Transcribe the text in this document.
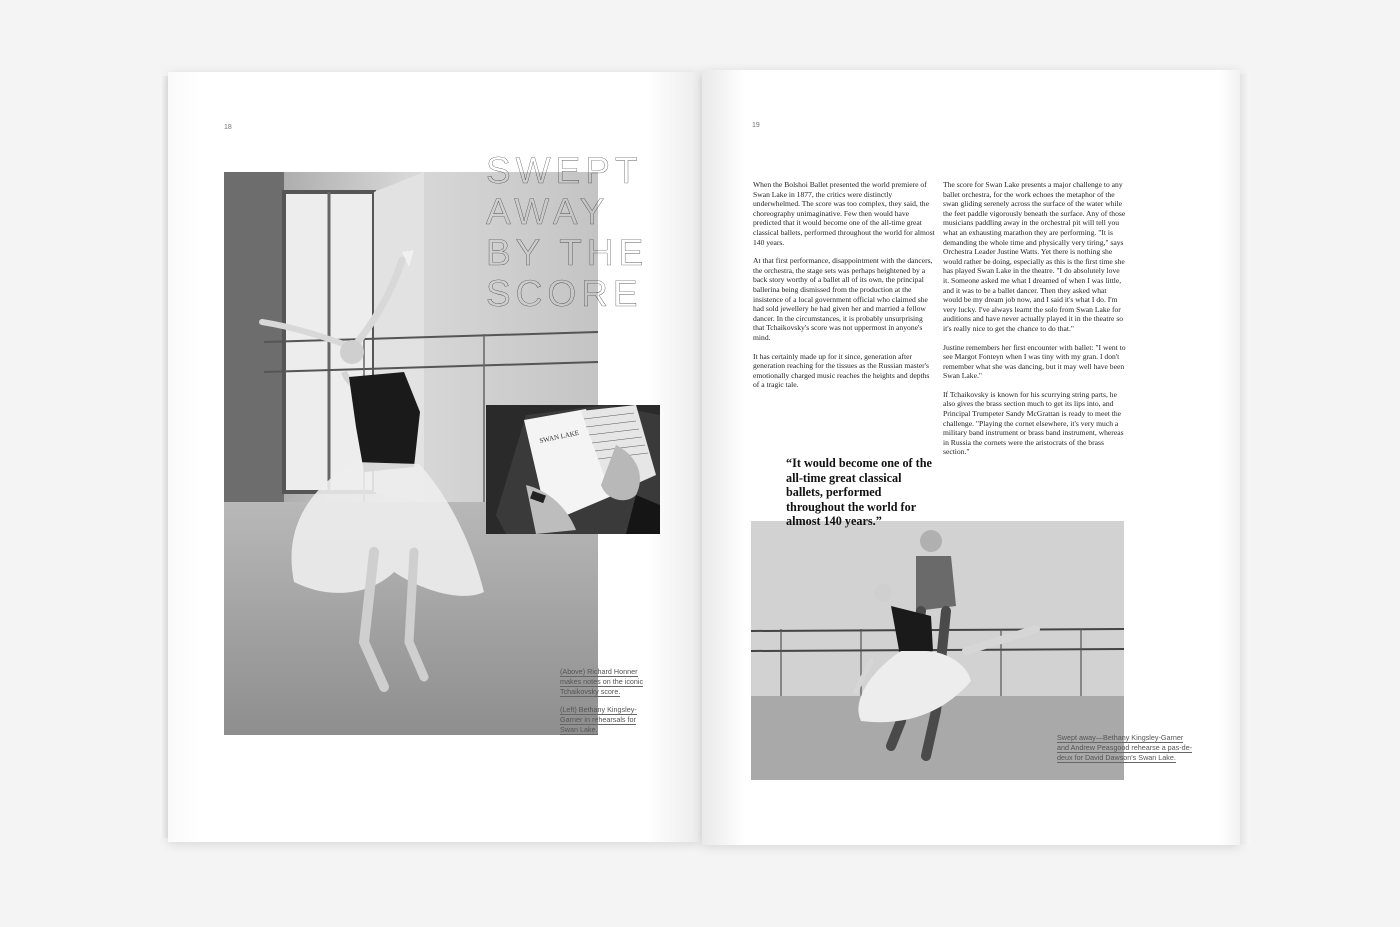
18	19
SWAN LAKE
SWEPT
AWAY
BY THE
SCORE

(Above) Richard Honner makes notes on the iconic Tchaikovsky score.

(Left) Bethany Kingsley-Garner in rehearsals for Swan Lake.

When the Bolshoi Ballet presented the world premiere of Swan Lake in 1877, the critics were distinctly underwhelmed. The score was too complex, they said, the choreography unimaginative. Few then would have predicted that it would become one of the all-time great classical ballets, performed throughout the world for almost 140 years.

At that first performance, disappointment with the dancers, the orchestra, the stage sets was perhaps heightened by a back story worthy of a ballet all of its own, the principal ballerina being dismissed from the production at the insistence of a local government official who claimed she had sold jewellery he had given her and married a fellow dancer. In the circumstances, it is probably unsurprising that Tchaikovsky's score was not uppermost in anyone's mind.

It has certainly made up for it since, generation after generation reaching for the tissues as the Russian master's emotionally charged music reaches the heights and depths of a tragic tale.

The score for Swan Lake presents a major challenge to any ballet orchestra, for the work echoes the metaphor of the swan gliding serenely across the surface of the water while the feet paddle vigorously beneath the surface. Any of those musicians paddling away in the orchestral pit will tell you what an exhausting marathon they are performing. "It is demanding the whole time and physically very tiring," says Orchestra Leader Justine Watts. Yet there is nothing she would rather be doing, especially as this is the first time she has played Swan Lake in the theatre. "I do absolutely love it. Someone asked me what I dreamed of when I was little, and it was to be a ballet dancer. Then they asked what would be my dream job now, and I said it's what I do. I'm very lucky. I've always learnt the solo from Swan Lake for auditions and have never actually played it in the theatre so it's really nice to get the chance to do that."

Justine remembers her first encounter with ballet: "I went to see Margot Fonteyn when I was tiny with my gran. I don't remember what she was dancing, but it may well have been Swan Lake."

If Tchaikovsky is known for his scurrying string parts, he also gives the brass section much to get its lips into, and Principal Trumpeter Sandy McGrattan is ready to meet the challenge. "Playing the cornet elsewhere, it's very much a military band instrument or brass band instrument, whereas in Russia the cornets were the aristocrats of the brass section."

“It would become one of the all-time great classical ballets, performed throughout the world for almost 140 years.”

Swept away—Bethany Kingsley-Garner and Andrew Peasgood rehearse a pas-de-deux for David Dawson's Swan Lake.
